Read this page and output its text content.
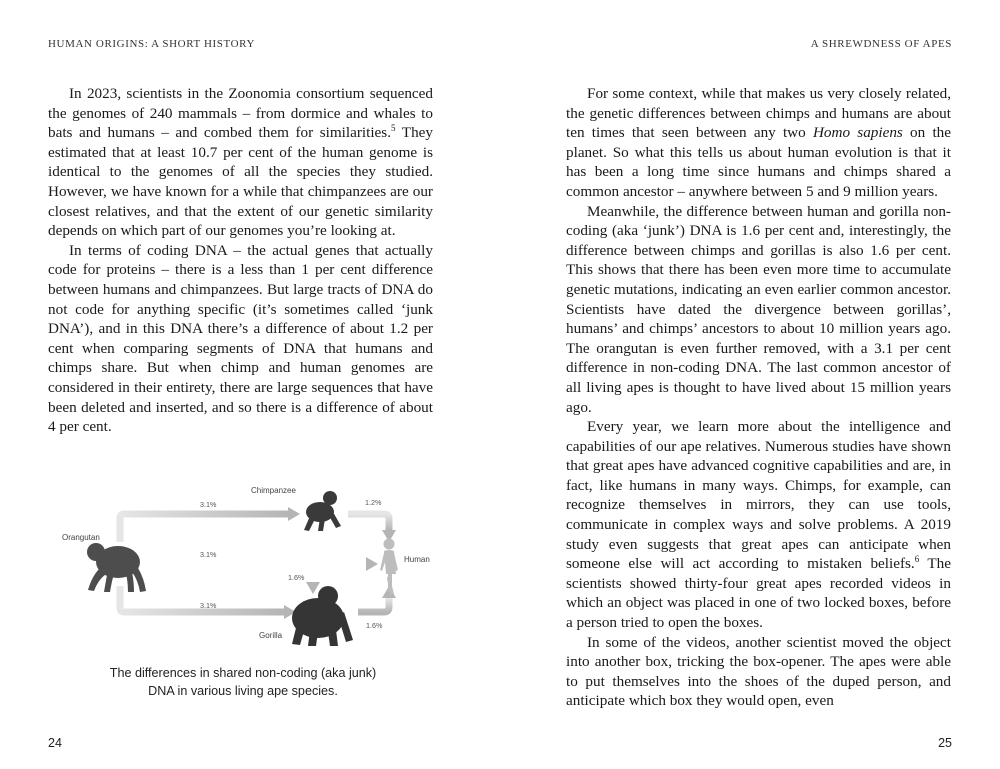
HUMAN ORIGINS: A SHORT HISTORY

In 2023, scientists in the Zoonomia consortium sequenced the genomes of 240 mammals – from dormice and whales to bats and humans – and combed them for similarities.$^5$ They estimated that at least 10.7 per cent of the human genome is identical to the genomes of all the species they studied. However, we have known for a while that chimpanzees are our closest relatives, and that the extent of our genetic similarity depends on which part of our genomes you’re looking at.

In terms of coding DNA – the actual genes that actually code for proteins – there is a less than 1 per cent difference between humans and chimpanzees. But large tracts of DNA do not code for anything specific (it’s sometimes called ‘junk DNA’), and in this DNA there’s a difference of about 1.2 per cent when comparing segments of DNA that humans and chimps share. But when chimp and human genomes are considered in their entirety, there are large sequences that have been deleted and inserted, and so there is a difference of about 4 per cent.

Orangutan
Chimpanzee
Gorilla
Human
3.1%
3.1%
3.1%
1.2%
1.6%
1.6%
The differences in shared non-coding (aka junk)
DNA in various living ape species.
24
A SHREWDNESS OF APES

For some context, while that makes us very closely related, the genetic differences between chimps and humans are about ten times that seen between any two Homo sapiens on the planet. So what this tells us about human evolution is that it has been a long time since humans and chimps shared a common ancestor – anywhere between 5 and 9 million years.

Meanwhile, the difference between human and gorilla non-coding (aka ‘junk’) DNA is 1.6 per cent and, interestingly, the difference between chimps and gorillas is also 1.6 per cent. This shows that there has been even more time to accumulate genetic mutations, indicating an even earlier common ancestor. Scientists have dated the divergence between gorillas’, humans’ and chimps’ ancestors to about 10 million years ago. The orangutan is even further removed, with a 3.1 per cent difference in non-coding DNA. The last common ancestor of all living apes is thought to have lived about 15 million years ago.

Every year, we learn more about the intelligence and capabilities of our ape relatives. Numerous studies have shown that great apes have advanced cognitive capabilities and are, in fact, like humans in many ways. Chimps, for example, can recognize themselves in mirrors, they can use tools, communicate in complex ways and solve problems. A 2019 study even suggests that great apes can anticipate when someone else will act according to mistaken beliefs.$^6$ The scientists showed thirty-four great apes recorded videos in which an object was placed in one of two locked boxes, before a person tried to open the boxes.

In some of the videos, another scientist moved the object into another box, tricking the box-opener. The apes were able to put themselves into the shoes of the duped person, and anticipate which box they would open, even

25
